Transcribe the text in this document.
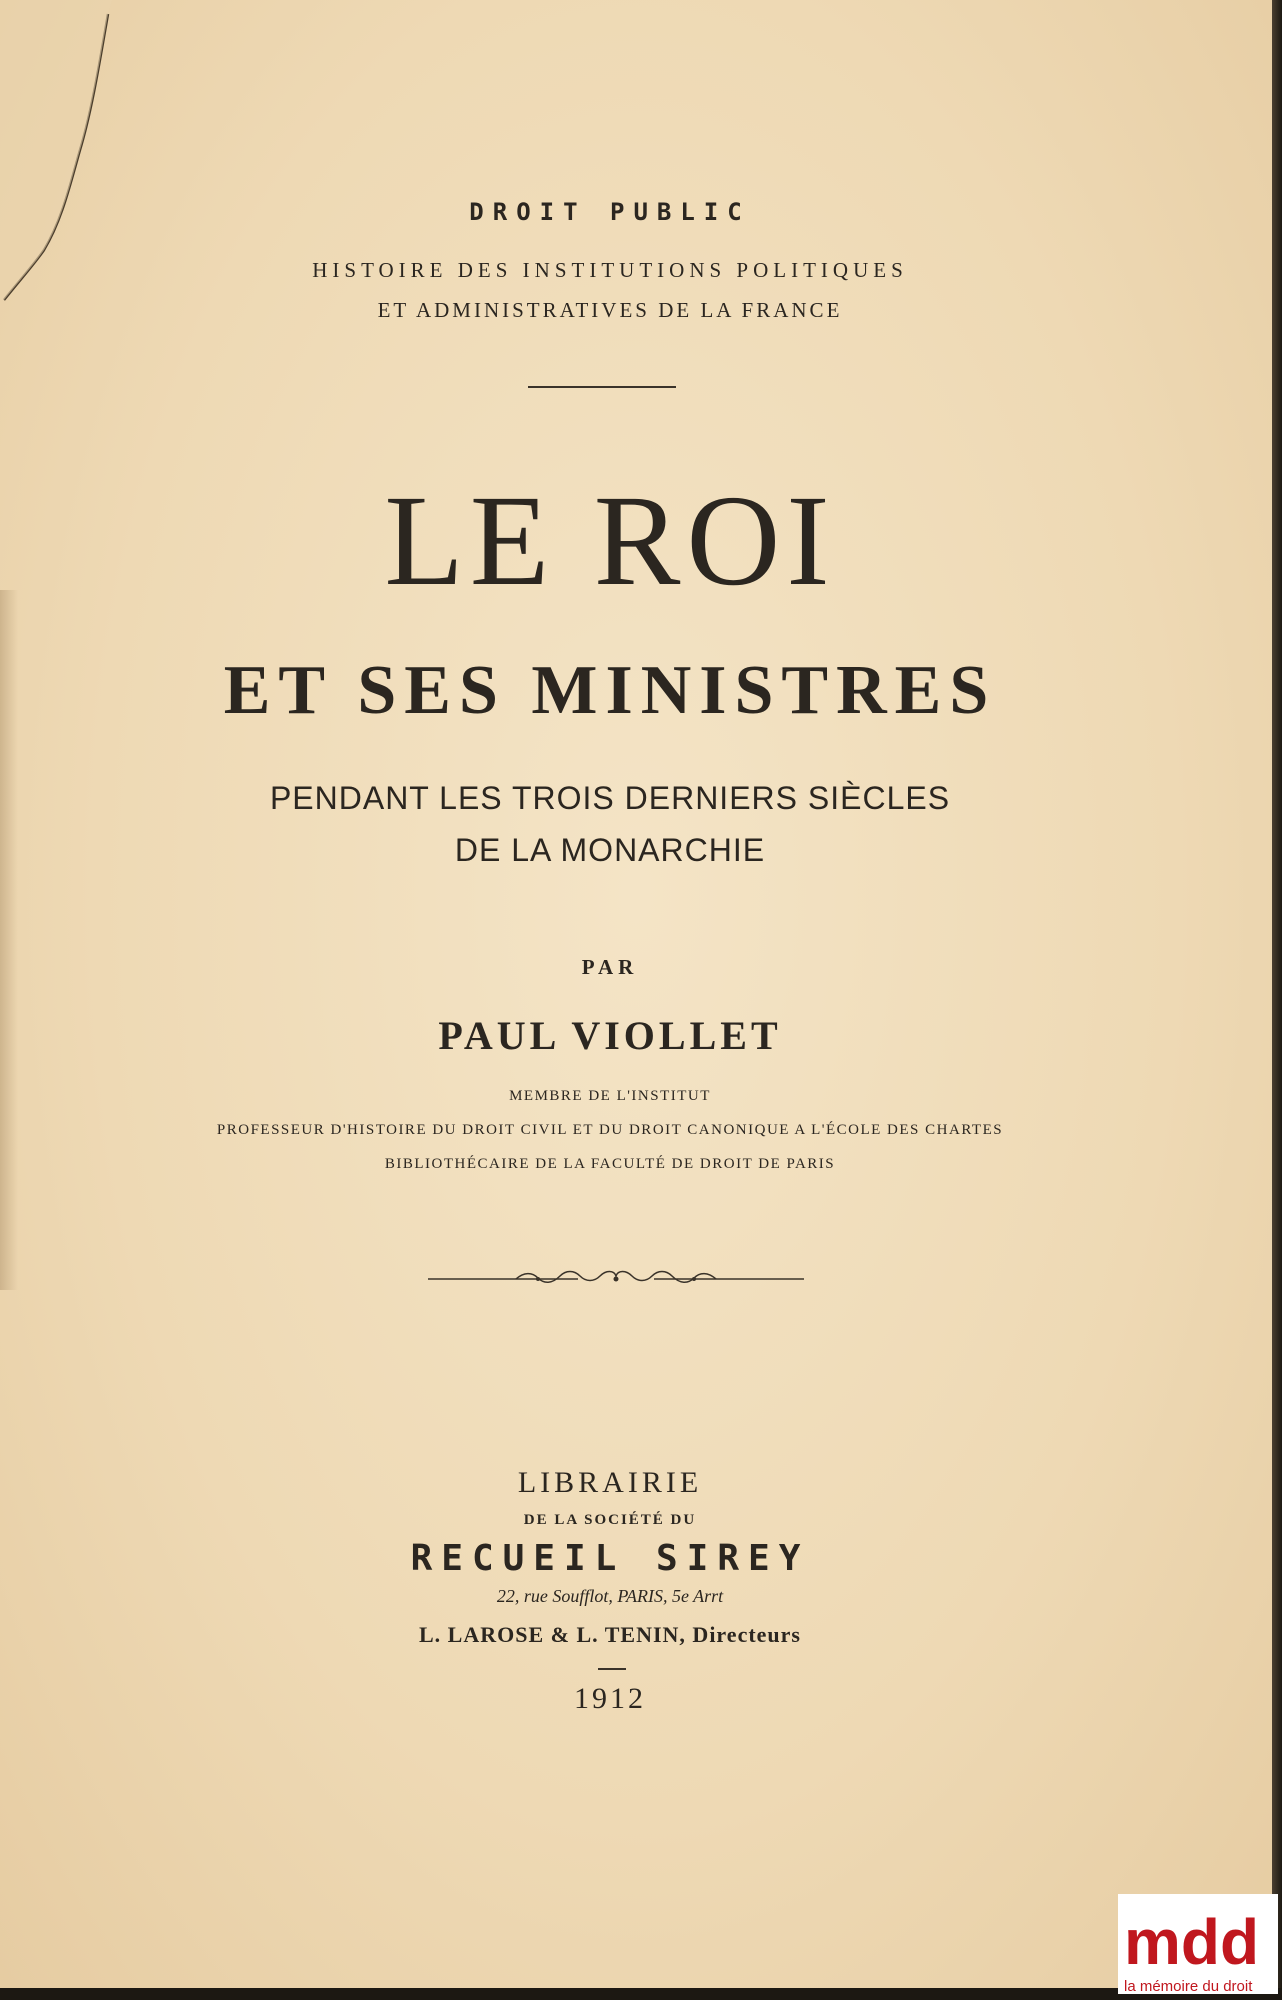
DROIT PUBLIC
HISTOIRE DES INSTITUTIONS POLITIQUES
ET ADMINISTRATIVES DE LA FRANCE
LE ROI
ET SES MINISTRES
PENDANT LES TROIS DERNIERS SIÈCLES
DE LA MONARCHIE
PAR
PAUL VIOLLET
MEMBRE DE L'INSTITUT
PROFESSEUR D'HISTOIRE DU DROIT CIVIL ET DU DROIT CANONIQUE A L'ÉCOLE DES CHARTES
BIBLIOTHÉCAIRE DE LA FACULTÉ DE DROIT DE PARIS
LIBRAIRIE
DE LA SOCIÉTÉ DU
RECUEIL SIREY
22, rue Soufflot, PARIS, 5e Arrt
L. LAROSE & L. TENIN, Directeurs
1912
mdd
la mémoire du droit
